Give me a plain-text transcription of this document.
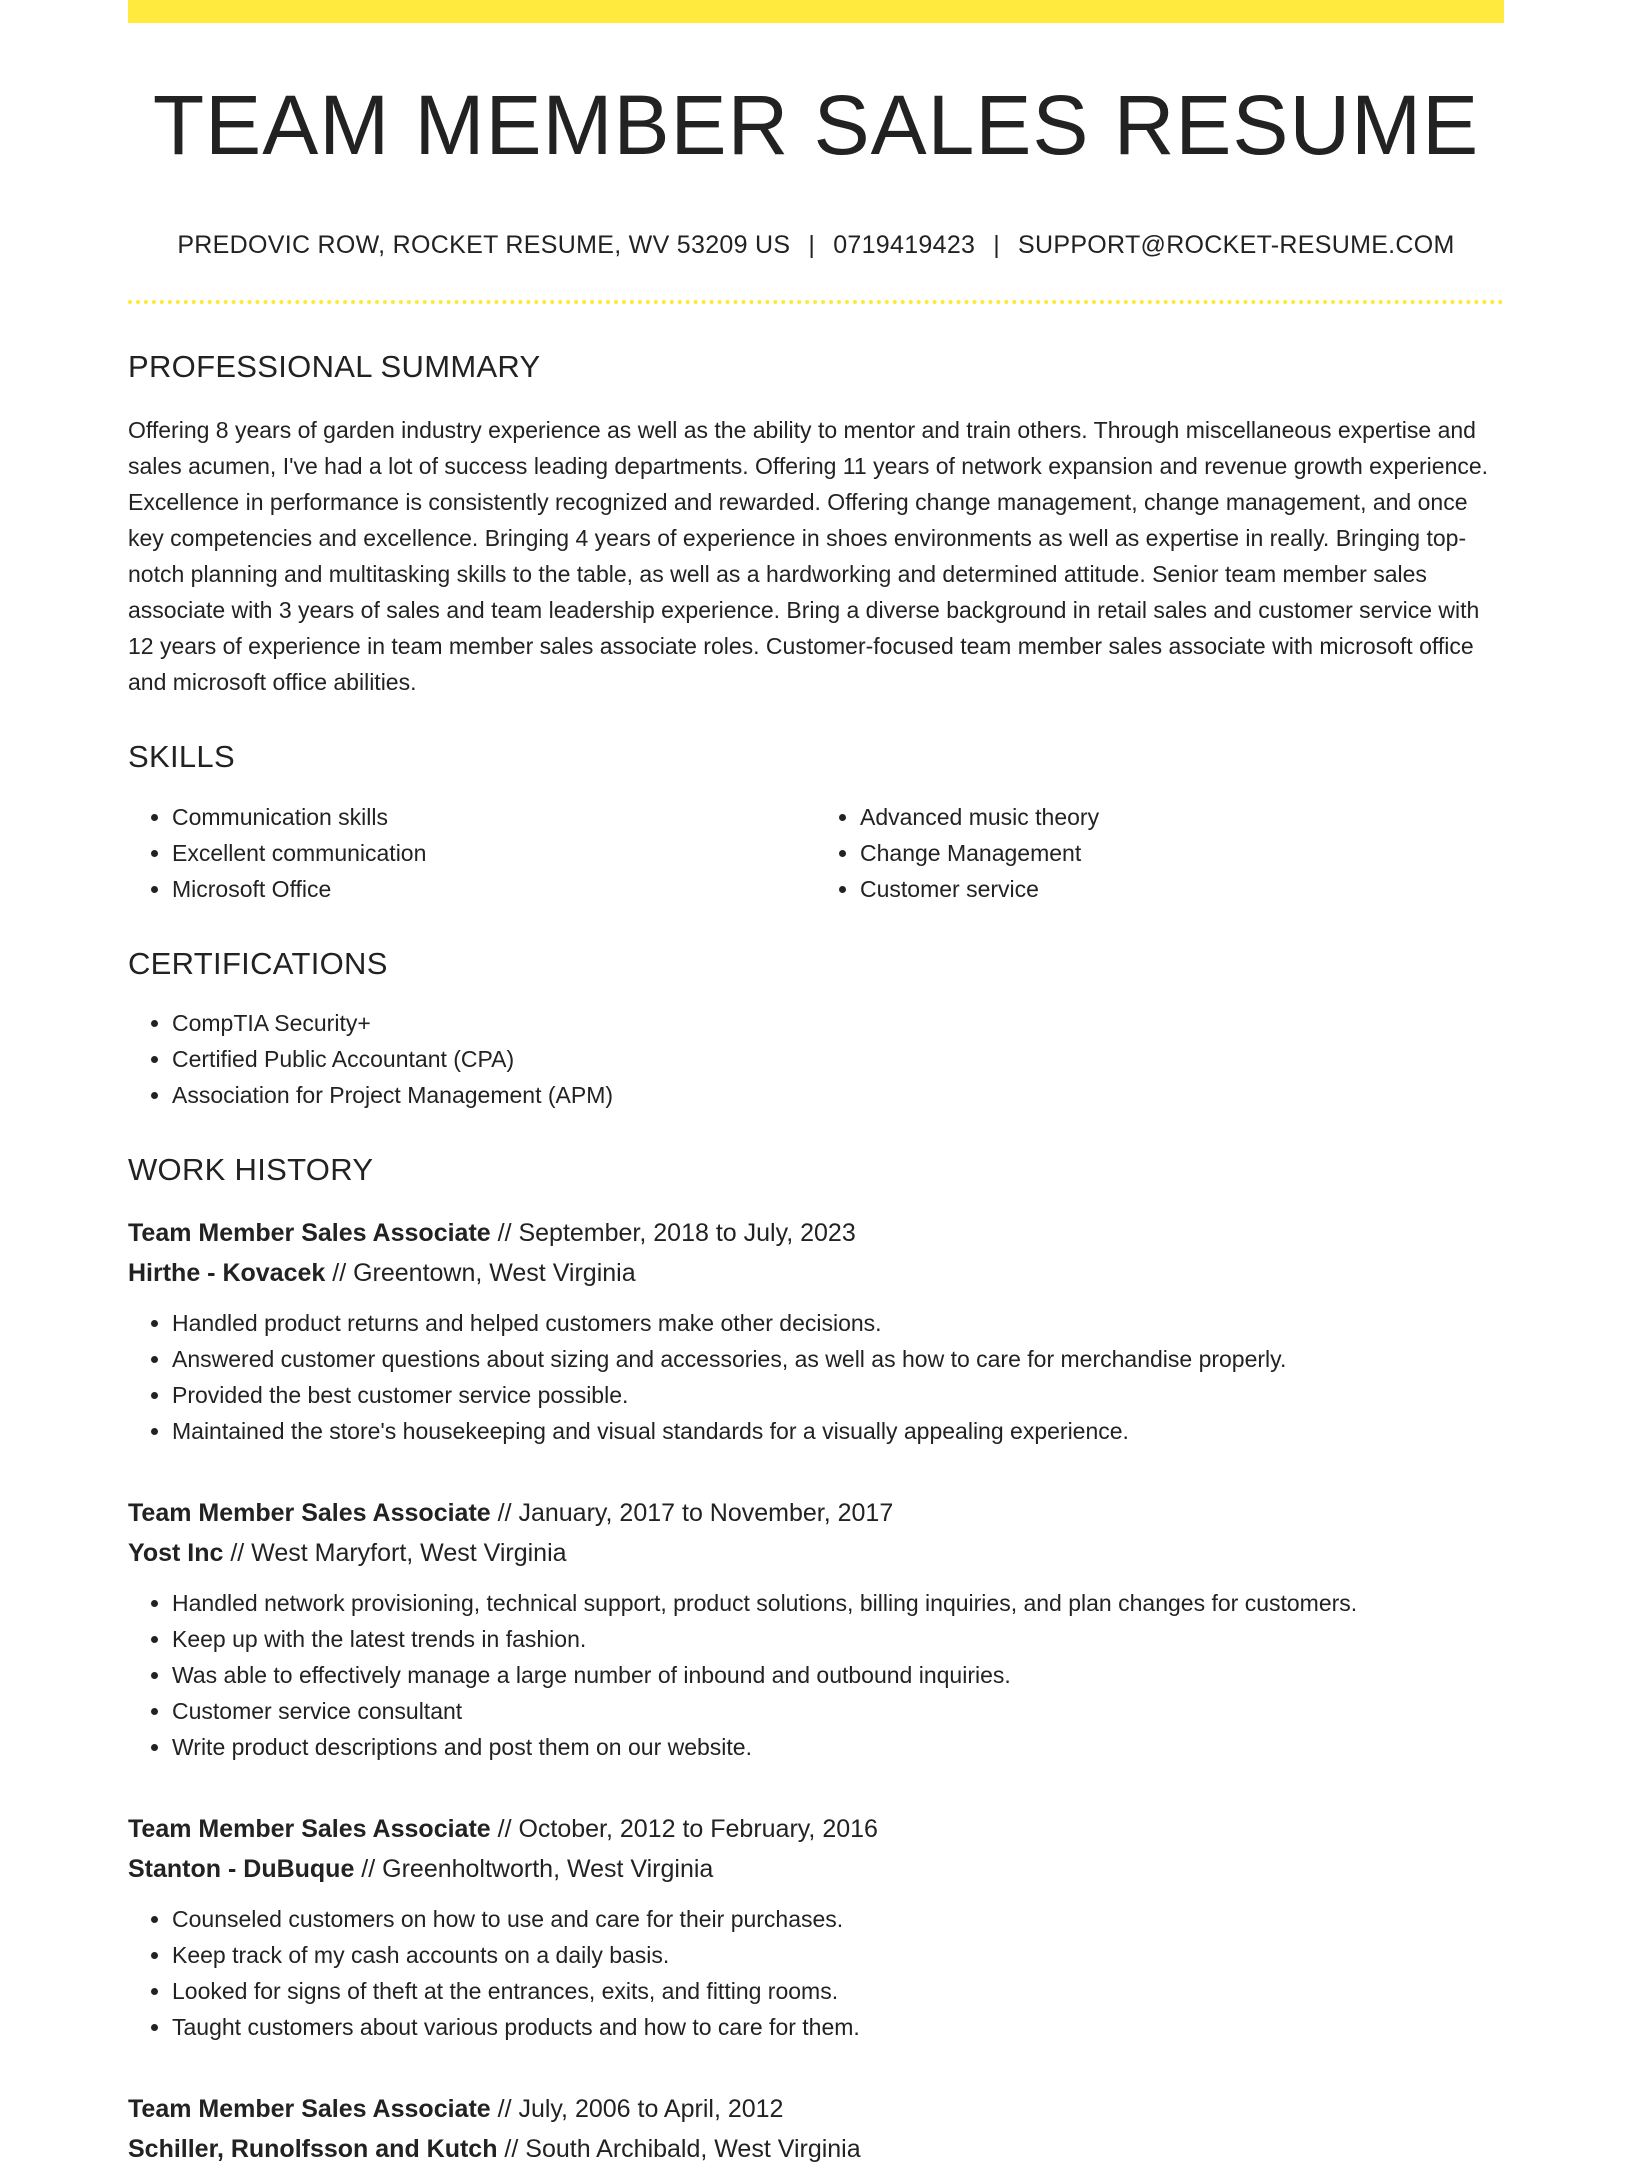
TEAM MEMBER SALES RESUME
PREDOVIC ROW, ROCKET RESUME, WV 53209 US | 0719419423 | SUPPORT@ROCKET-RESUME.COM
PROFESSIONAL SUMMARY

Offering 8 years of garden industry experience as well as the ability to mentor and train others. Through miscellaneous expertise and sales acumen, I've had a lot of success leading departments. Offering 11 years of network expansion and revenue growth experience. Excellence in performance is consistently recognized and rewarded. Offering change management, change management, and once key competencies and excellence. Bringing 4 years of experience in shoes environments as well as expertise in really. Bringing top-notch planning and multitasking skills to the table, as well as a hardworking and determined attitude. Senior team member sales associate with 3 years of sales and team leadership experience. Bring a diverse background in retail sales and customer service with 12 years of experience in team member sales associate roles. Customer-focused team member sales associate with microsoft office and microsoft office abilities.

SKILLS
• Communication skills
• Excellent communication
• Microsoft Office
• Advanced music theory
• Change Management
• Customer service
CERTIFICATIONS
• CompTIA Security+
• Certified Public Accountant (CPA)
• Association for Project Management (APM)
WORK HISTORY
Team Member Sales Associate // September, 2018 to July, 2023
Hirthe - Kovacek // Greentown, West Virginia
• Handled product returns and helped customers make other decisions.
• Answered customer questions about sizing and accessories, as well as how to care for merchandise properly.
• Provided the best customer service possible.
• Maintained the store's housekeeping and visual standards for a visually appealing experience.
Team Member Sales Associate // January, 2017 to November, 2017
Yost Inc // West Maryfort, West Virginia
• Handled network provisioning, technical support, product solutions, billing inquiries, and plan changes for customers.
• Keep up with the latest trends in fashion.
• Was able to effectively manage a large number of inbound and outbound inquiries.
• Customer service consultant
• Write product descriptions and post them on our website.
Team Member Sales Associate // October, 2012 to February, 2016
Stanton - DuBuque // Greenholtworth, West Virginia
• Counseled customers on how to use and care for their purchases.
• Keep track of my cash accounts on a daily basis.
• Looked for signs of theft at the entrances, exits, and fitting rooms.
• Taught customers about various products and how to care for them.
Team Member Sales Associate // July, 2006 to April, 2012
Schiller, Runolfsson and Kutch // South Archibald, West Virginia
